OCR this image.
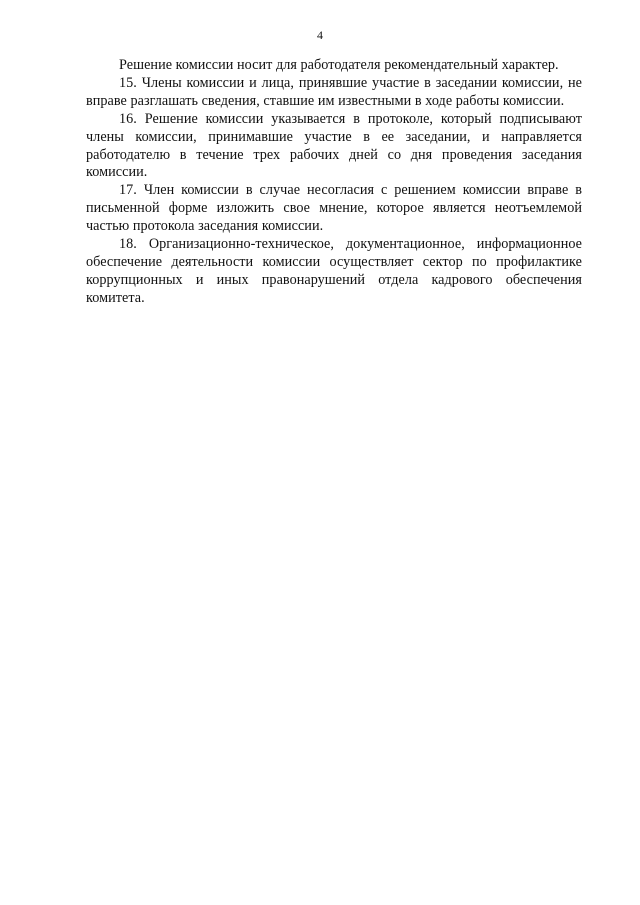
4

Решение комиссии носит для работодателя рекомендательный характер.

15. Члены комиссии и лица, принявшие участие в заседании комиссии, не вправе разглашать сведения, ставшие им известными в ходе работы комиссии.

16. Решение комиссии указывается в протоколе, который подписывают члены комиссии, принимавшие участие в ее заседании, и направляется работодателю в течение трех рабочих дней со дня проведения заседания комиссии.

17. Член комиссии в случае несогласия с решением комиссии вправе в письменной форме изложить свое мнение, которое является неотъемлемой частью протокола заседания комиссии.

18. Организационно-техническое, документационное, информационное обеспечение деятельности комиссии осуществляет сектор по профилактике коррупционных и иных правонарушений отдела кадрового обеспечения комитета.
